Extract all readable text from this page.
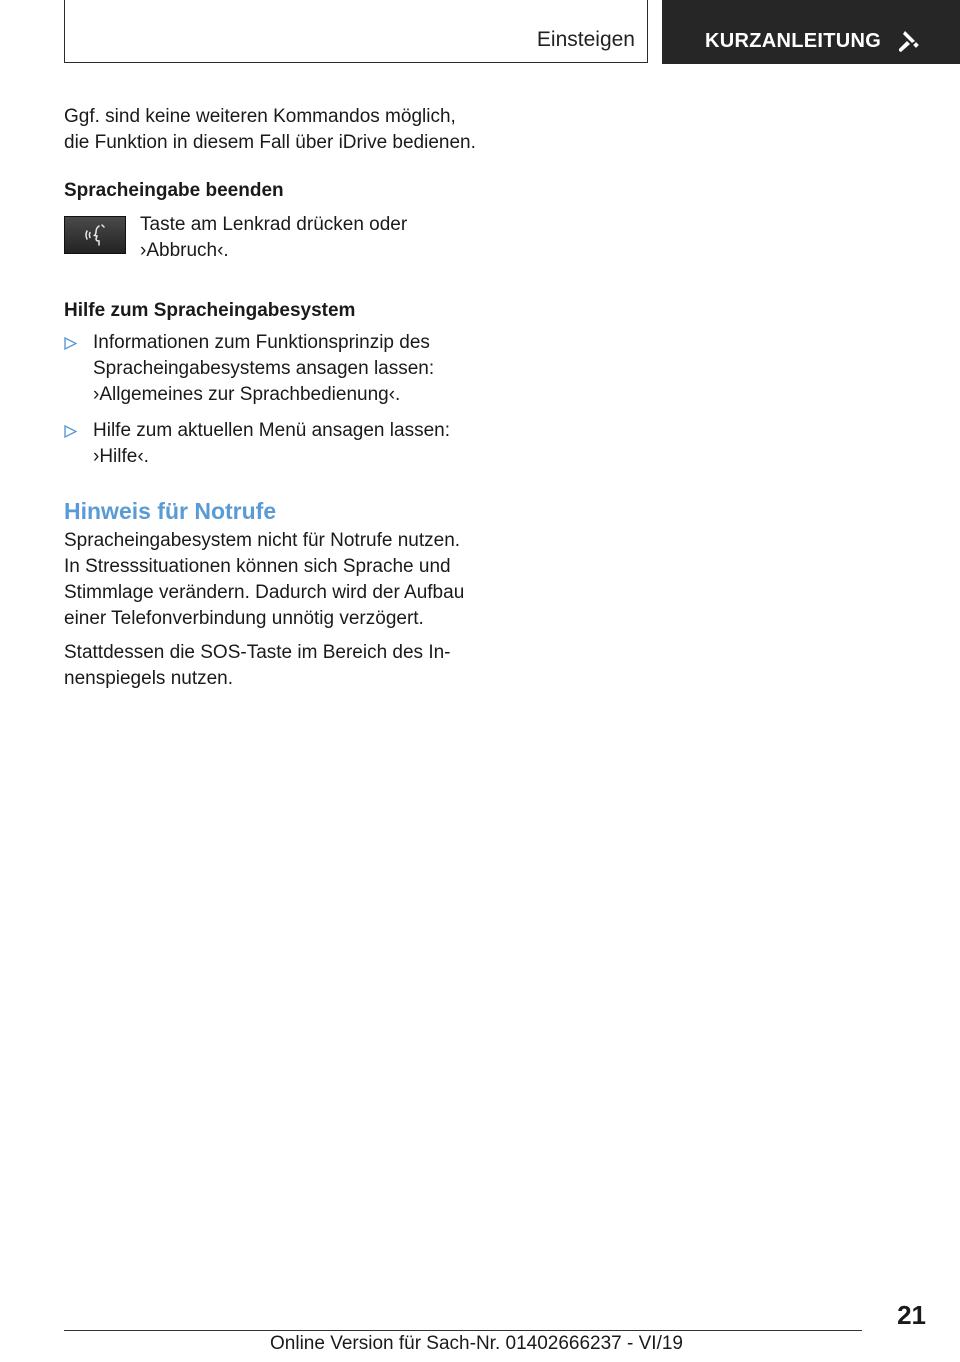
Einsteigen	KURZANLEITUNG

Ggf. sind keine weiteren Kommandos möglich,

die Funktion in diesem Fall über iDrive bedienen.

Spracheingabe beenden

Taste am Lenkrad drücken oder

›Abbruch‹.

Hilfe zum Spracheingabesystem

Informationen zum Funktionsprinzip des
Spracheingabesystems ansagen lassen:
›Allgemeines zur Sprachbedienung‹.
Hilfe zum aktuellen Menü ansagen lassen:
›Hilfe‹.

Hinweis für Notrufe

Spracheingabesystem nicht für Notrufe nutzen.

In Stresssituationen können sich Sprache und

Stimmlage verändern. Dadurch wird der Aufbau

einer Telefonverbindung unnötig verzögert.

Stattdessen die SOS-Taste im Bereich des In-

nenspiegels nutzen.

21
Online Version für Sach-Nr. 01402666237 - VI/19
